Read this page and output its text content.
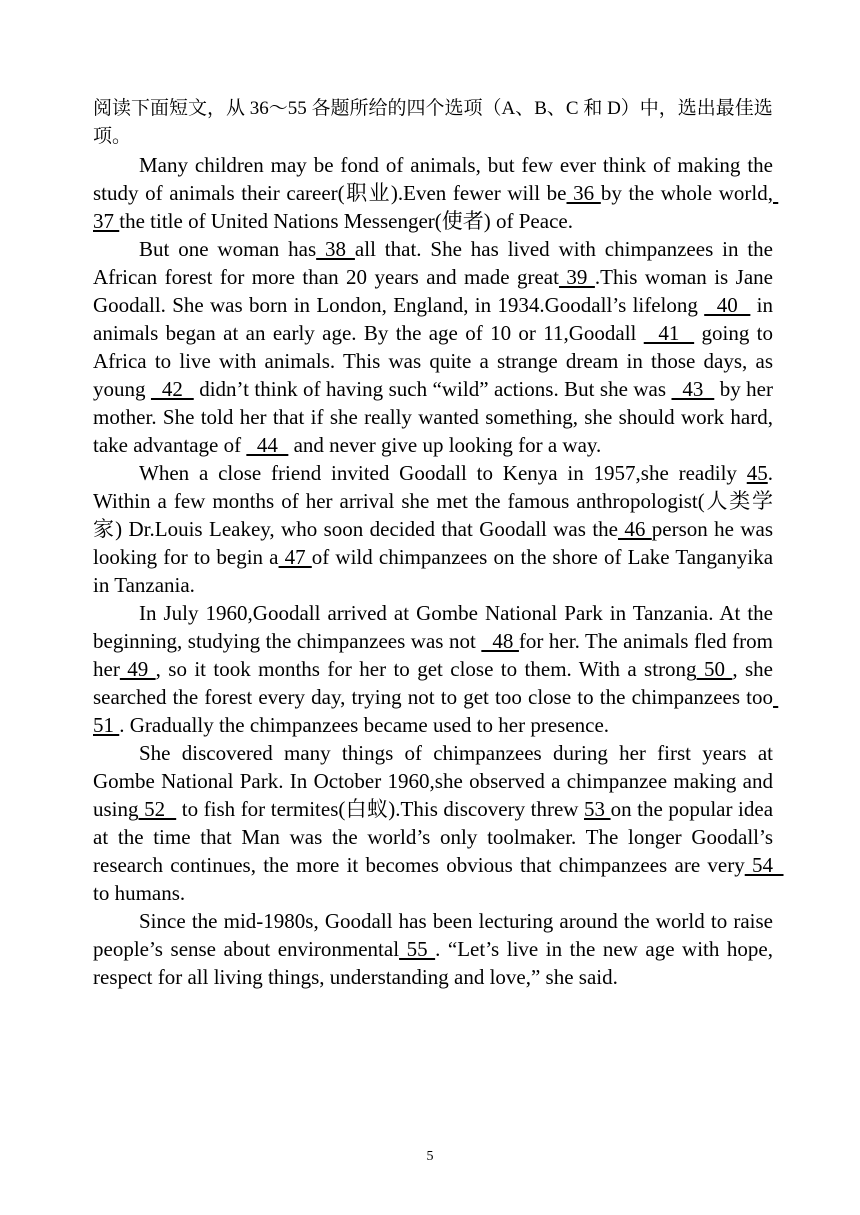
阅读下面短文，从 36～55 各题所给的四个选项（A、B、C 和 D）中，选出最佳选项。

Many children may be fond of animals, but few ever think of making the study of animals their career(职业).Even fewer will be 36 by the whole world, 37 the title of United Nations Messenger(使者) of Peace.

But one woman has 38 all that. She has lived with chimpanzees in the African forest for more than 20 years and made great 39 .This woman is Jane Goodall. She was born in London, England, in 1934.Goodall’s lifelong   40   in animals began at an early age. By the age of 10 or 11,Goodall   41   going to Africa to live with animals. This was quite a strange dream in those days, as young   42   didn’t think of having such “wild” actions. But she was   43   by her mother. She told her that if she really wanted something, she should work hard, take advantage of   44   and never give up looking for a way.

When a close friend invited Goodall to Kenya in 1957,she readily 45. Within a few months of her arrival she met the famous anthropologist(人类学家) Dr.Louis Leakey, who soon decided that Goodall was the 46 person he was looking for to begin a 47 of wild chimpanzees on the shore of Lake Tanganyika in Tanzania.

In July 1960,Goodall arrived at Gombe National Park in Tanzania. At the beginning, studying the chimpanzees was not   48 for her. The animals fled from her 49 , so it took months for her to get close to them. With a strong 50 , she searched the forest every day, trying not to get too close to the chimpanzees too 51 . Gradually the chimpanzees became used to her presence.

She discovered many things of chimpanzees during her first years at Gombe National Park. In October 1960,she observed a chimpanzee making and using 52   to fish for termites(白蚁).This discovery threw 53 on the popular idea at the time that Man was the world’s only toolmaker. The longer Goodall’s research continues, the more it becomes obvious that chimpanzees are very 54   to humans.

Since the mid-1980s, Goodall has been lecturing around the world to raise people’s sense about environmental 55 . “Let’s live in the new age with hope, respect for all living things, understanding and love,” she said.

5
